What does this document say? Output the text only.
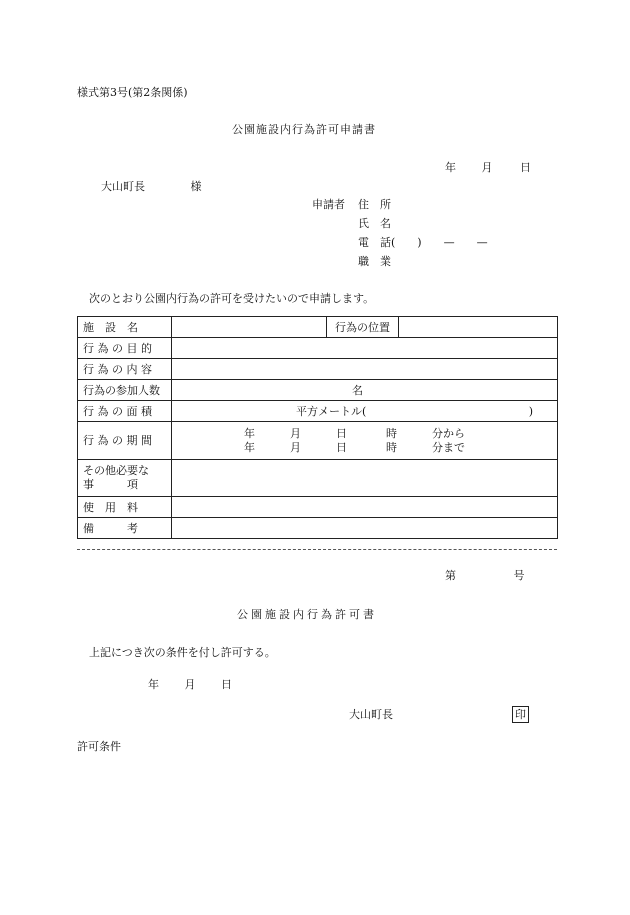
様式第3号(第2条関係)
公園施設内行為許可申請書
年 月	日
大山町長	様
申請者 住　所
氏　名
電　話(　　)　　—　　—
職　業
次のとおり公園内行為の許可を受けたいので申請します。
施　設　名		行為の位置	
行 為 の 目 的			
行 為 の 内 容			
行為の参加人数	名		
行 為 の 面 積	平方メートル( )		

行 為 の 期 間	年 月 日 時 分から
年 月 日 時 分まで		

その他必要な
事　　　項			

使　用　料			
備　　　考			
第	号
公園施設内行為許可書
上記につき次の条件を付し許可する。
年 月 日
大山町長	印
許可条件
